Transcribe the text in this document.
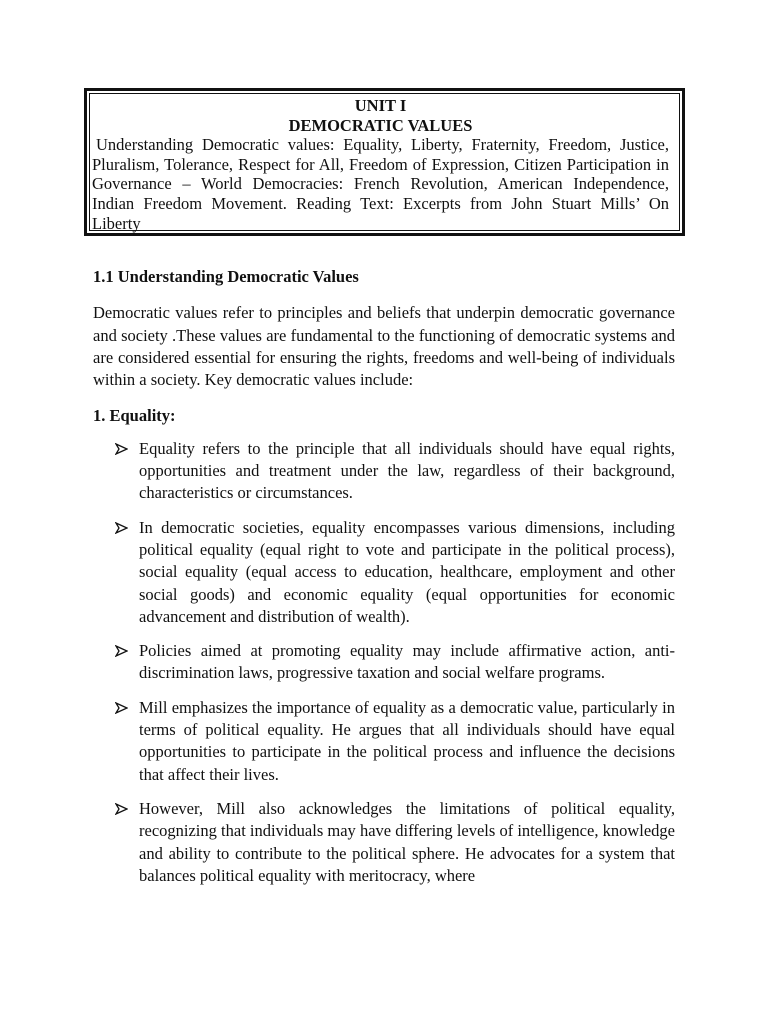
UNIT I

DEMOCRATIC VALUES

Understanding Democratic values: Equality, Liberty, Fraternity, Freedom, Justice, Pluralism, Tolerance, Respect for All, Freedom of Expression, Citizen Participation in Governance – World Democracies: French Revolution, American Independence, Indian Freedom Movement. Reading Text: Excerpts from John Stuart Mills’ On Liberty

1.1 Understanding Democratic Values

Democratic values refer to principles and beliefs that underpin democratic governance and society .These values are fundamental to the functioning of democratic systems and are considered essential for ensuring the rights, freedoms and well-being of individuals within a society. Key democratic values include:

1. Equality:

Equality refers to the principle that all individuals should have equal rights, opportunities and treatment under the law, regardless of their background, characteristics or circumstances.
In democratic societies, equality encompasses various dimensions, including political equality (equal right to vote and participate in the political process), social equality (equal access to education, healthcare, employment and other social goods) and economic equality (equal opportunities for economic advancement and distribution of wealth).
Policies aimed at promoting equality may include affirmative action, anti-discrimination laws, progressive taxation and social welfare programs.
Mill emphasizes the importance of equality as a democratic value, particularly in terms of political equality. He argues that all individuals should have equal opportunities to participate in the political process and influence the decisions that affect their lives.
However, Mill also acknowledges the limitations of political equality, recognizing that individuals may have differing levels of intelligence, knowledge and ability to contribute to the political sphere. He advocates for a system that balances political equality with meritocracy, where
